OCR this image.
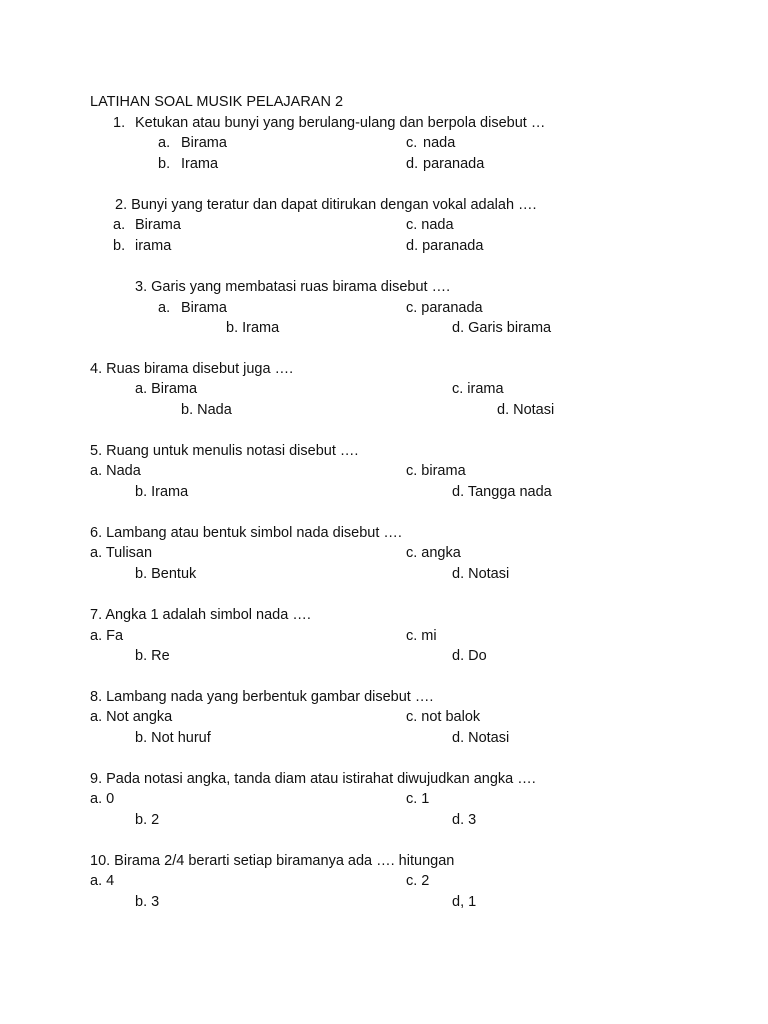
LATIHAN SOAL MUSIK PELAJARAN 2
1. Ketukan atau bunyi yang berulang-ulang dan berpola disebut …
a. Birama
b. Irama
c. nada
d. paranada
2. Bunyi yang teratur dan dapat ditirukan dengan vokal adalah ….
a. Birama
b. irama
c. nada
d. paranada
3. Garis yang membatasi ruas birama disebut ….
a. Birama
b. Irama
c. paranada
d. Garis birama
4. Ruas birama disebut juga ….
a. Birama
b. Nada
c. irama
d. Notasi
5. Ruang untuk menulis notasi disebut ….
a. Nada
b. Irama
c. birama
d. Tangga nada
6. Lambang atau bentuk simbol nada disebut ….
a. Tulisan
b. Bentuk
c. angka
d. Notasi
7. Angka 1 adalah simbol nada ….
a. Fa
b. Re
c. mi
d. Do
8. Lambang nada yang berbentuk gambar disebut ….
a. Not angka
b. Not huruf
c. not balok
d. Notasi
9. Pada notasi angka, tanda diam atau istirahat diwujudkan angka ….
a. 0
b. 2
c. 1
d. 3
10. Birama 2/4 berarti setiap biramanya ada …. hitungan
a. 4
b. 3
c. 2
d, 1
